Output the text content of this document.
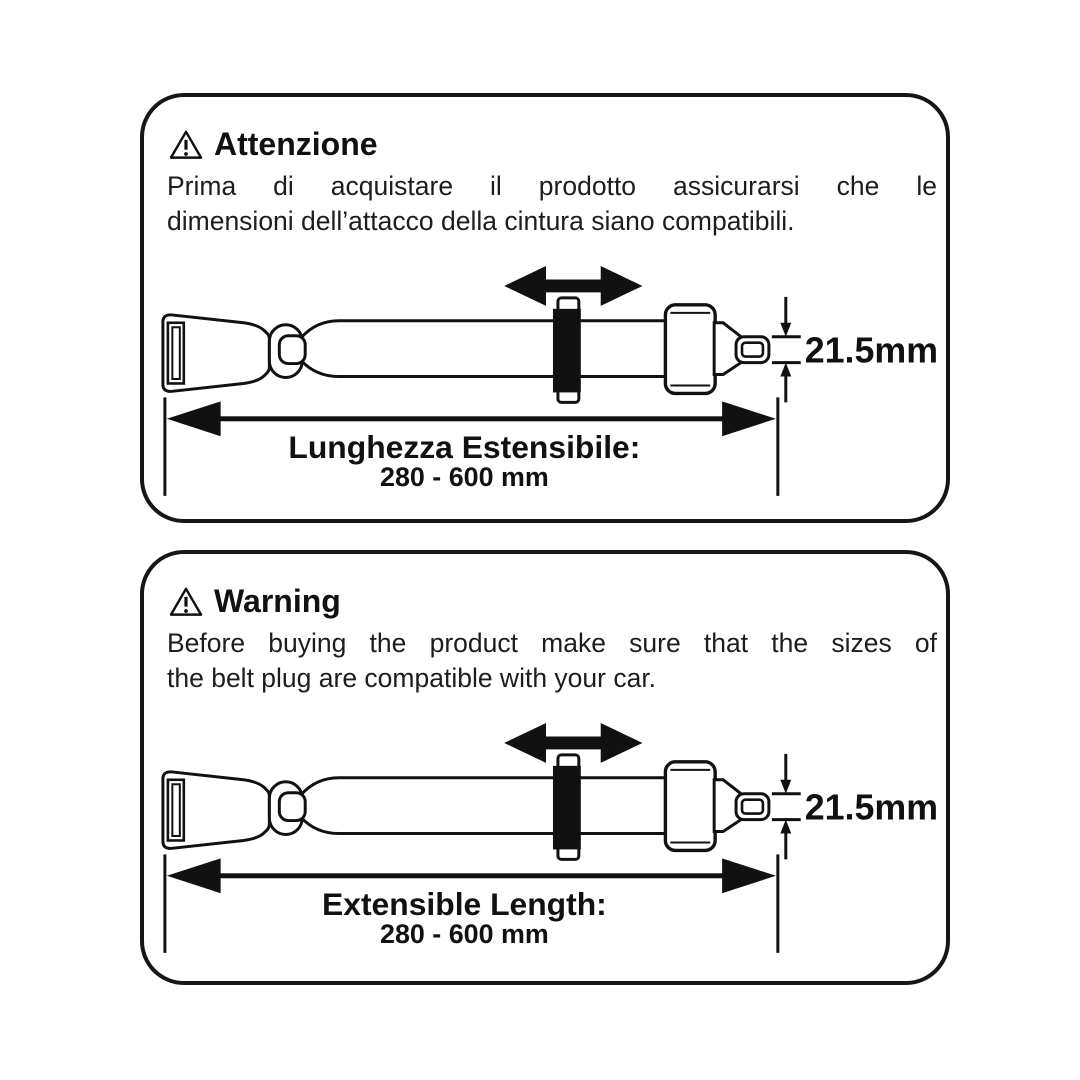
Attenzione
Prima di acquistare il prodotto assicurarsi che le
dimensioni dell’attacco della cintura siano compatibili.
21.5mm
Lunghezza Estensibile:
280 - 600 mm
Warning
Before buying the product make sure that the sizes of
the belt plug are compatible with your car.
21.5mm
Extensible Length:
280 - 600 mm
